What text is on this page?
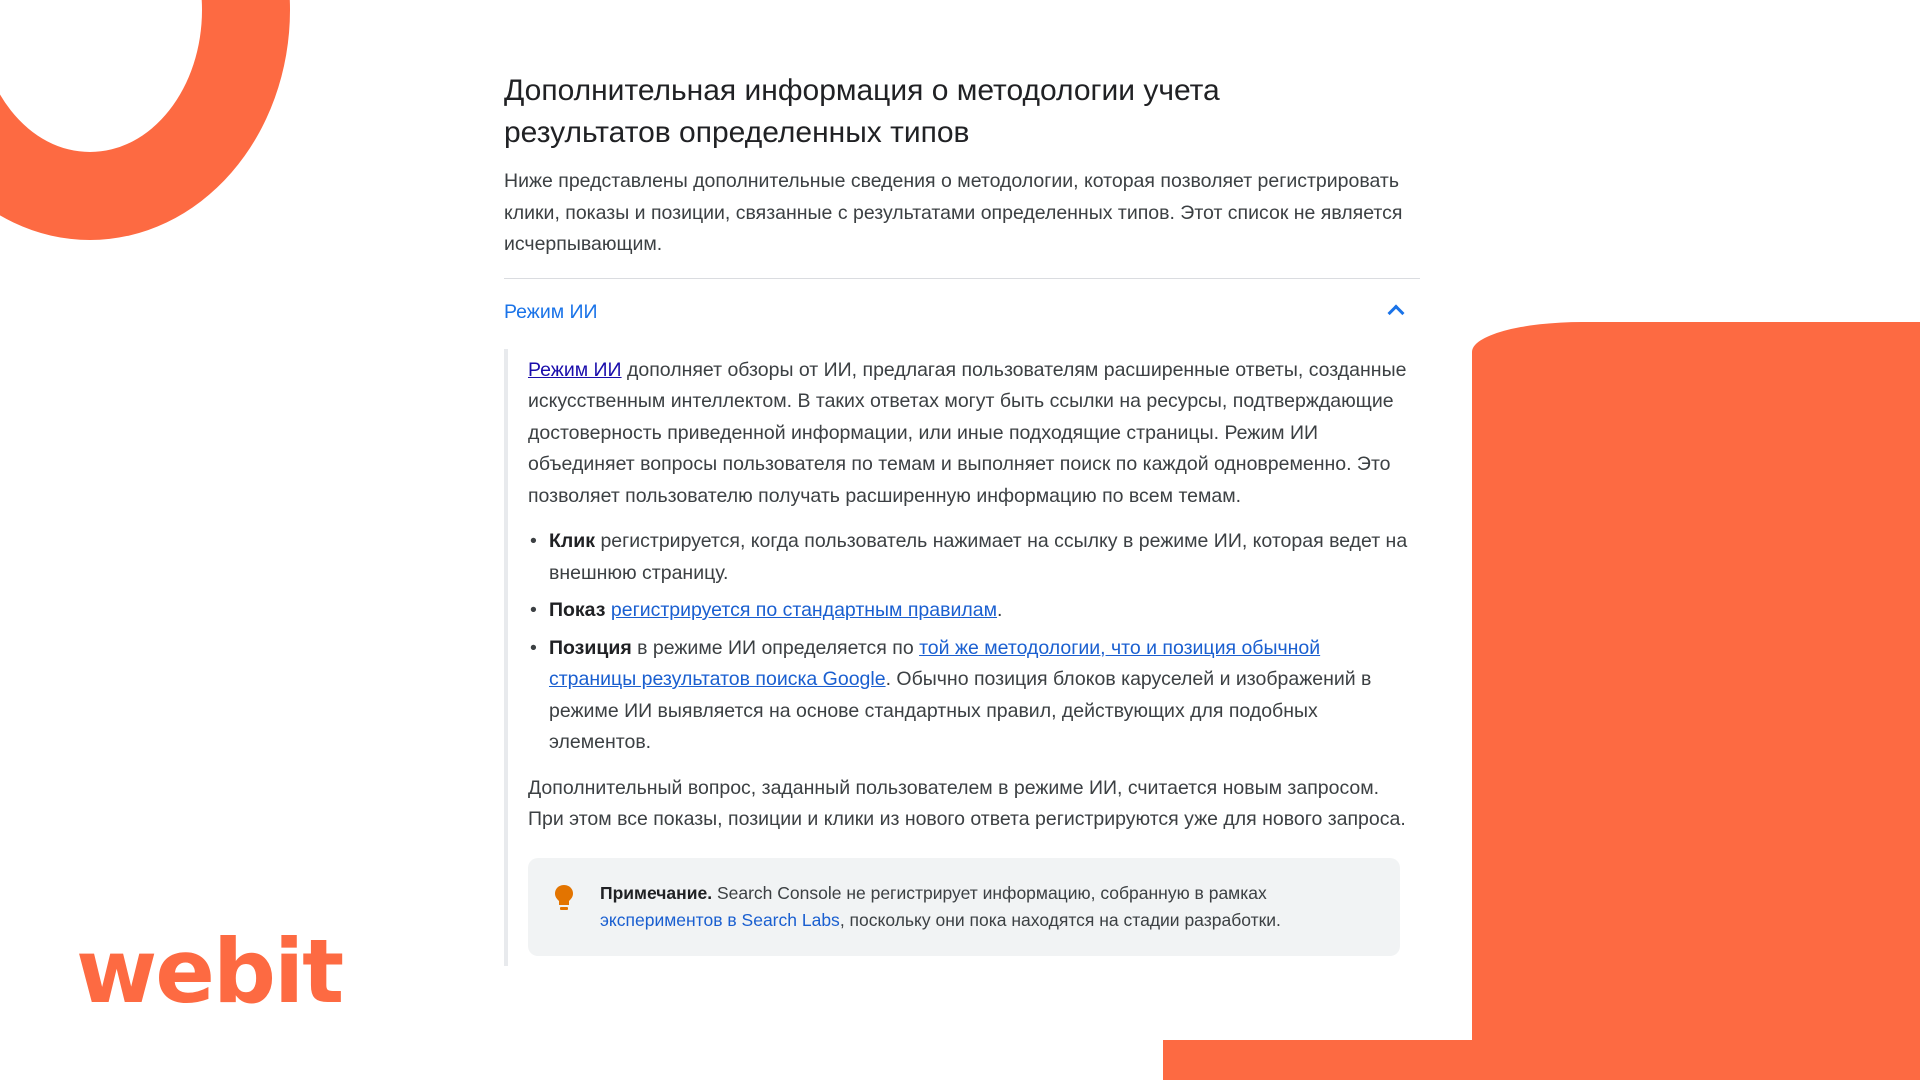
webit
Дополнительная информация о методологии учета результатов определенных типов

Ниже представлены дополнительные сведения о методологии, которая позволяет регистрировать клики, показы и позиции, связанные с результатами определенных типов. Этот список не является исчерпывающим.

Режим ИИ

Режим ИИ дополняет обзоры от ИИ, предлагая пользователям расширенные ответы, созданные искусственным интеллектом. В таких ответах могут быть ссылки на ресурсы, подтверждающие достоверность приведенной информации, или иные подходящие страницы. Режим ИИ объединяет вопросы пользователя по темам и выполняет поиск по каждой одновременно. Это позволяет пользователю получать расширенную информацию по всем темам.

• Клик регистрируется, когда пользователь нажимает на ссылку в режиме ИИ, которая ведет на внешнюю страницу.
• Показ регистрируется по стандартным правилам.
• Позиция в режиме ИИ определяется по той же методологии, что и позиция обычной страницы результатов поиска Google. Обычно позиция блоков каруселей и изображений в режиме ИИ выявляется на основе стандартных правил, действующих для подобных элементов.

Дополнительный вопрос, заданный пользователем в режиме ИИ, считается новым запросом. При этом все показы, позиции и клики из нового ответа регистрируются уже для нового запроса.

Примечание. Search Console не регистрирует информацию, собранную в рамках экспериментов в Search Labs, поскольку они пока находятся на стадии разработки.
